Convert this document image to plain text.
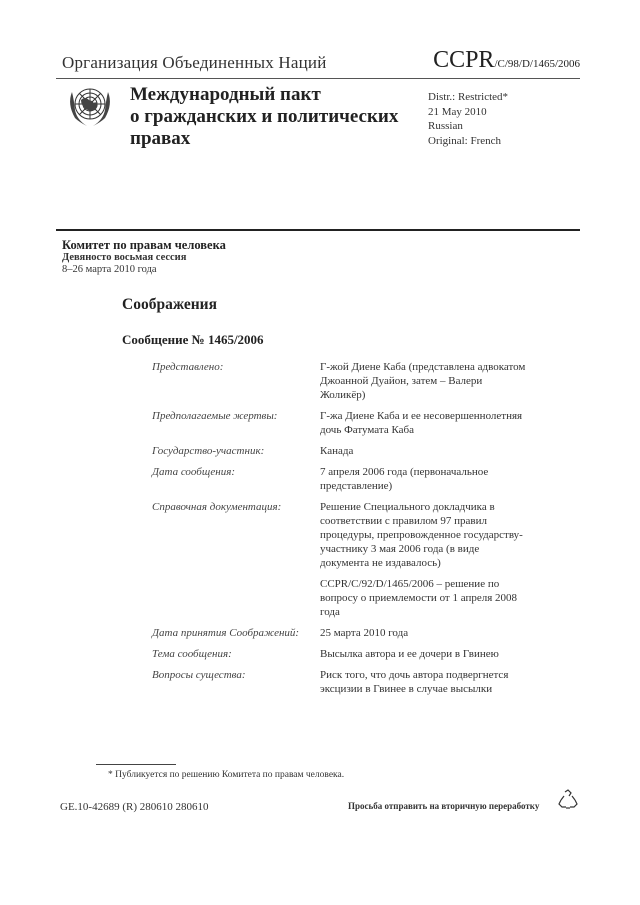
Организация Объединенных Наций	CCPR/C/98/D/1465/2006
Международный пакт
о гражданских и политических
правах
Distr.: Restricted*
21 May 2010
Russian
Original: French
Комитет по правам человека
Девяносто восьмая сессия
8–26 марта 2010 года
Соображения
Сообщение № 1465/2006
Представлено:	Г-жой Диене Каба (представлена адвокатом Джоанной Дуайон, затем – Валери Жоликёр)

Предполагаемые жертвы:	Г-жа Диене Каба и ее несовершеннолетняя дочь Фатумата Каба

Государство-участник:	Канада

Дата сообщения:	7 апреля 2006 года (первоначальное представление)

Справочная документация:	Решение Специального докладчика в соответствии с правилом 97 правил процедуры, препровожденное государству-участнику 3 мая 2006 года (в виде документа не издавалось)

CCPR/C/92/D/1465/2006 – решение по вопросу о приемлемости от 1 апреля 2008 года

Дата принятия Соображений:	25 марта 2010 года

Тема сообщения:	Высылка автора и ее дочери в Гвинею

Вопросы существа:	Риск того, что дочь автора подвергнется эксцизии в Гвинее в случае высылки

* Публикуется по решению Комитета по правам человека.
GE.10-42689 (R) 280610 280610	Просьба отправить на вторичную переработку
